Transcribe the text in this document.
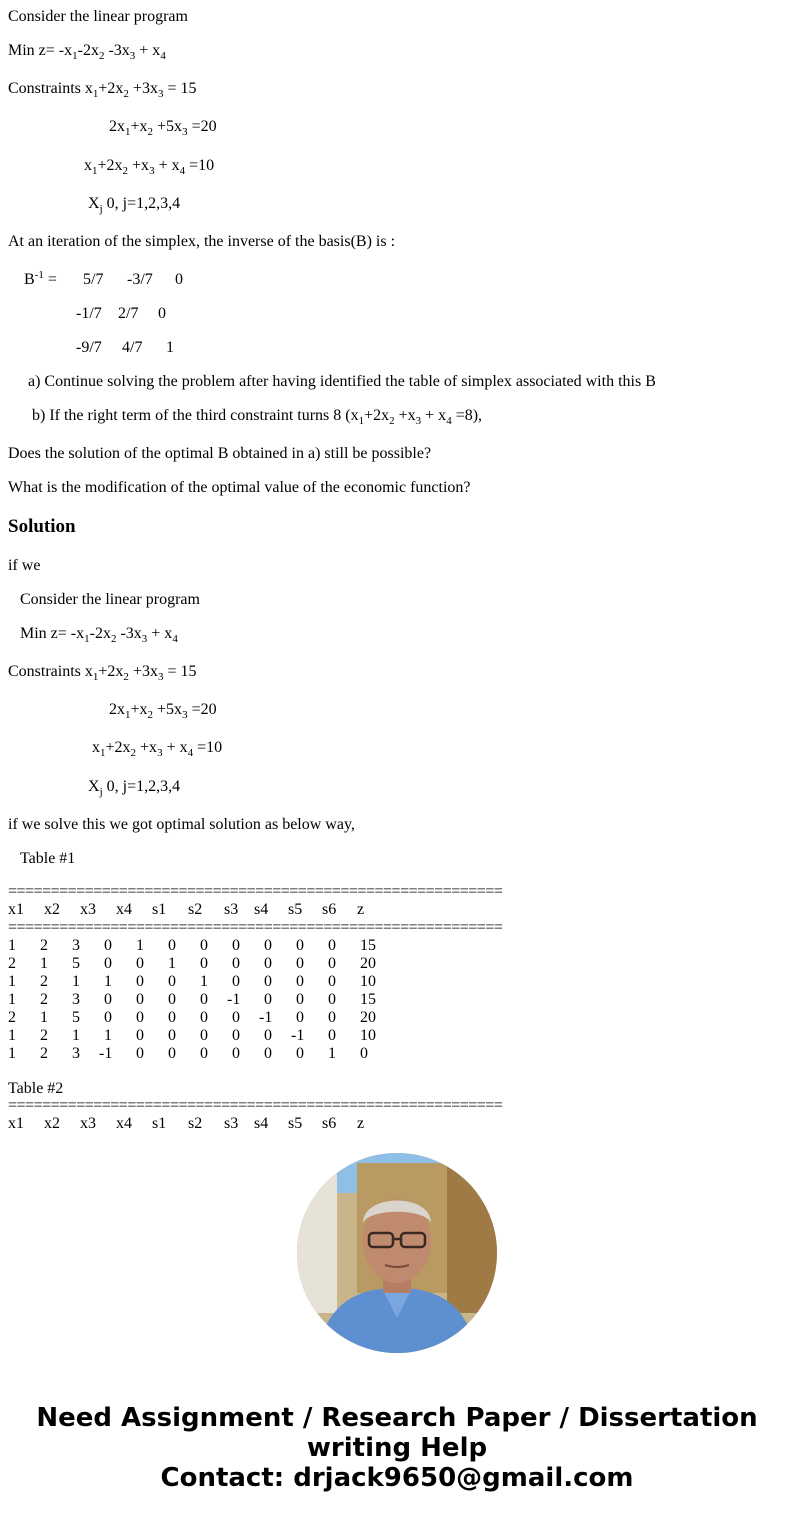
Consider the linear program
Min $z= -x_1-2x_2$ $-3x_3 + x_4$
Constraints $x_1+2x_2 +3x_3 = 15$
$2x_1+x_2 +5x_3 =20$
$x_1+2x_2 +x_3 + x_4 =10$
$X_j$ 0, j=1,2,3,4
At an iteration of the simplex, the inverse of the basis(B) is :
$B^{-1} = 5/7$ -3/7 0
-1/7 2/7 0
-9/7 4/7 1
a) Continue solving the problem after having identified the table of simplex associated with this B
b) If the right term of the third constraint turns 8 $(x_1+2x_2 +x_3 + x_4 =8)$,
Does the solution of the optimal B obtained in a) still be possible?
What is the modification of the optimal value of the economic function?
Solution
if we
Consider the linear program
Min $z= -x_1-2x_2$ $-3x_3 + x_4$
Constraints $x_1+2x_2 +3x_3 = 15$
$2x_1+x_2 +5x_3 =20$
$x_1+2x_2 +x_3 + x_4 =10$
$X_j$ 0, j=1,2,3,4
if we solve this we got optimal solution as below way,
Table #1
==========================================================
x1 x2 x3 x4 s1 s2 s3 s4 s5 s6 z
==========================================================
1 2 3 0 1 0 0 0 0 0 0 15
2 1 5 0 0 1 0 0 0 0 0 20
1 2 1 1 0 0 1 0 0 0 0 10
1 2 3 0 0 0 0 -1 0 0 0 15
2 1 5 0 0 0 0 0 -1 0 0 20
1 2 1 1 0 0 0 0 0 -1 0 10
1 2 3 -1 0 0 0 0 0 0 1 0
Table #2
==========================================================
x1 x2 x3 x4 s1 s2 s3 s4 s5 s6 z
Need Assignment / Research Paper / Dissertation
writing Help
Contact: drjack9650@gmail.com
